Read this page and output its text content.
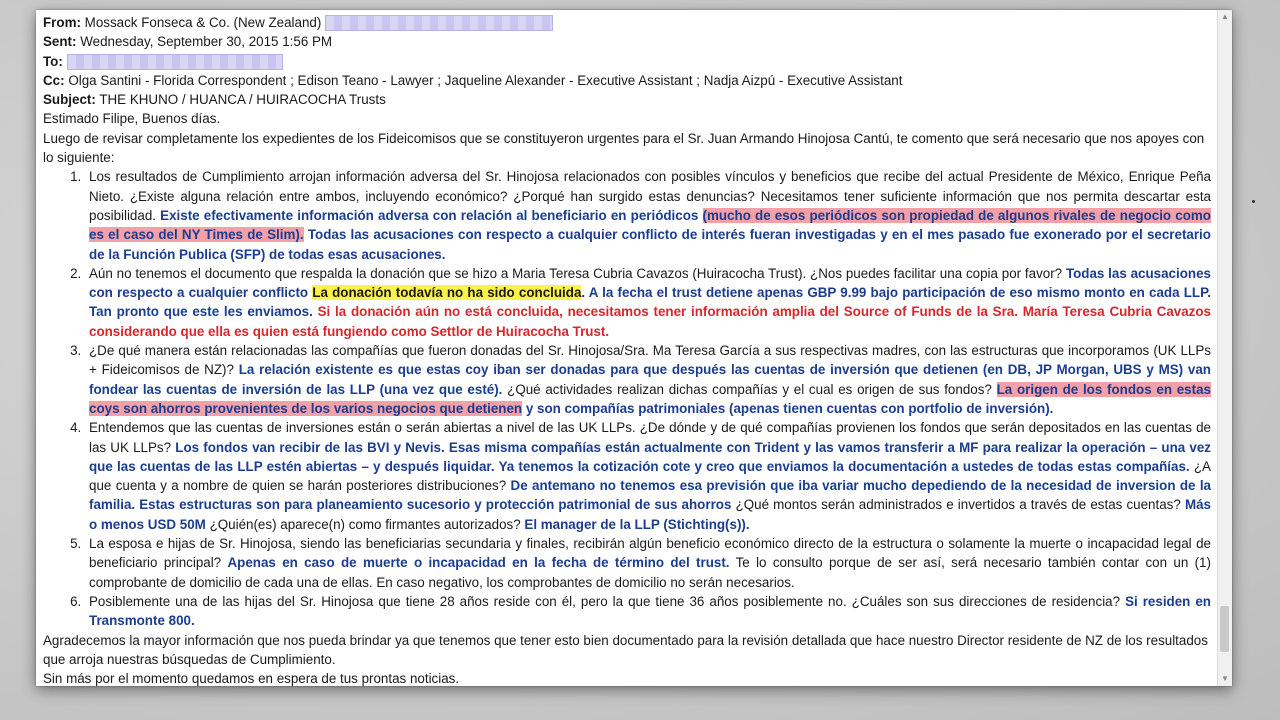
From: Mossack Fonseca & Co. (New Zealand)
Sent: Wednesday, September 30, 2015 1:56 PM
To:
Cc: Olga Santini - Florida Correspondent ; Edison Teano - Lawyer ; Jaqueline Alexander - Executive Assistant ; Nadja Aizpú - Executive Assistant
Subject: THE KHUNO / HUANCA / HUIRACOCHA Trusts

Estimado Filipe, Buenos días.

Luego de revisar completamente los expedientes de los Fideicomisos que se constituyeron urgentes para el Sr. Juan Armando Hinojosa Cantú, te comento que será necesario que nos apoyes con lo siguiente:

1. Los resultados de Cumplimiento arrojan información adversa del Sr. Hinojosa relacionados con posibles vínculos y beneficios que recibe del actual Presidente de México, Enrique Peña Nieto. ¿Existe alguna relación entre ambos, incluyendo económico? ¿Porqué han surgido estas denuncias? Necesitamos tener suficiente información que nos permita descartar esta posibilidad. Existe efectivamente información adversa con relación al beneficiario en periódicos (mucho de esos periódicos son propiedad de algunos rivales de negocio como es el caso del NY Times de Slim). Todas las acusaciones con respecto a cualquier conflicto de interés fueran investigadas y en el mes pasado fue exonerado por el secretario de la Función Publica (SFP) de todas esas acusaciones.
2. Aún no tenemos el documento que respalda la donación que se hizo a Maria Teresa Cubria Cavazos (Huiracocha Trust). ¿Nos puedes facilitar una copia por favor? Todas las acusaciones con respecto a cualquier conflicto La donación todavía no ha sido concluida. A la fecha el trust detiene apenas GBP 9.99 bajo participación de eso mismo monto en cada LLP. Tan pronto que este les enviamos. Si la donación aún no está concluida, necesitamos tener información amplia del Source of Funds de la Sra. María Teresa Cubria Cavazos considerando que ella es quien está fungiendo como Settlor de Huiracocha Trust.
3. ¿De qué manera están relacionadas las compañías que fueron donadas del Sr. Hinojosa/Sra. Ma Teresa García a sus respectivas madres, con las estructuras que incorporamos (UK LLPs + Fideicomisos de NZ)? La relación existente es que estas coy iban ser donadas para que después las cuentas de inversión que detienen (en DB, JP Morgan, UBS y MS) van fondear las cuentas de inversión de las LLP (una vez que esté). ¿Qué actividades realizan dichas compañías y el cual es origen de sus fondos? La origen de los fondos en estas coys son ahorros provenientes de los varios negocios que detienen y son compañías patrimoniales (apenas tienen cuentas con portfolio de inversión).
4. Entendemos que las cuentas de inversiones están o serán abiertas a nivel de las UK LLPs. ¿De dónde y de qué compañías provienen los fondos que serán depositados en las cuentas de las UK LLPs? Los fondos van recibir de las BVI y Nevis. Esas misma compañías están actualmente con Trident y las vamos transferir a MF para realizar la operación – una vez que las cuentas de las LLP estén abiertas – y después liquidar. Ya tenemos la cotización cote y creo que enviamos la documentación a ustedes de todas estas compañías. ¿A que cuenta y a nombre de quien se harán posteriores distribuciones? De antemano no tenemos esa previsión que iba variar mucho depediendo de la necesidad de inversion de la familia. Estas estructuras son para planeamiento sucesorio y protección patrimonial de sus ahorros ¿Qué montos serán administrados e invertidos a través de estas cuentas? Más o menos USD 50M ¿Quién(es) aparece(n) como firmantes autorizados? El manager de la LLP (Stichting(s)).
5. La esposa e hijas de Sr. Hinojosa, siendo las beneficiarias secundaria y finales, recibirán algún beneficio económico directo de la estructura o solamente la muerte o incapacidad legal de beneficiario principal? Apenas en caso de muerte o incapacidad en la fecha de término del trust. Te lo consulto porque de ser así, será necesario también contar con un (1) comprobante de domicilio de cada una de ellas. En caso negativo, los comprobantes de domicilio no serán necesarios.
6. Posiblemente una de las hijas del Sr. Hinojosa que tiene 28 años reside con él, pero la que tiene 36 años posiblemente no. ¿Cuáles son sus direcciones de residencia? Si residen en Transmonte 800.

Agradecemos la mayor información que nos pueda brindar ya que tenemos que tener esto bien documentado para la revisión detallada que hace nuestro Director residente de NZ de los resultados que arroja nuestras búsquedas de Cumplimiento.

Sin más por el momento quedamos en espera de tus prontas noticias.

▲
▼
